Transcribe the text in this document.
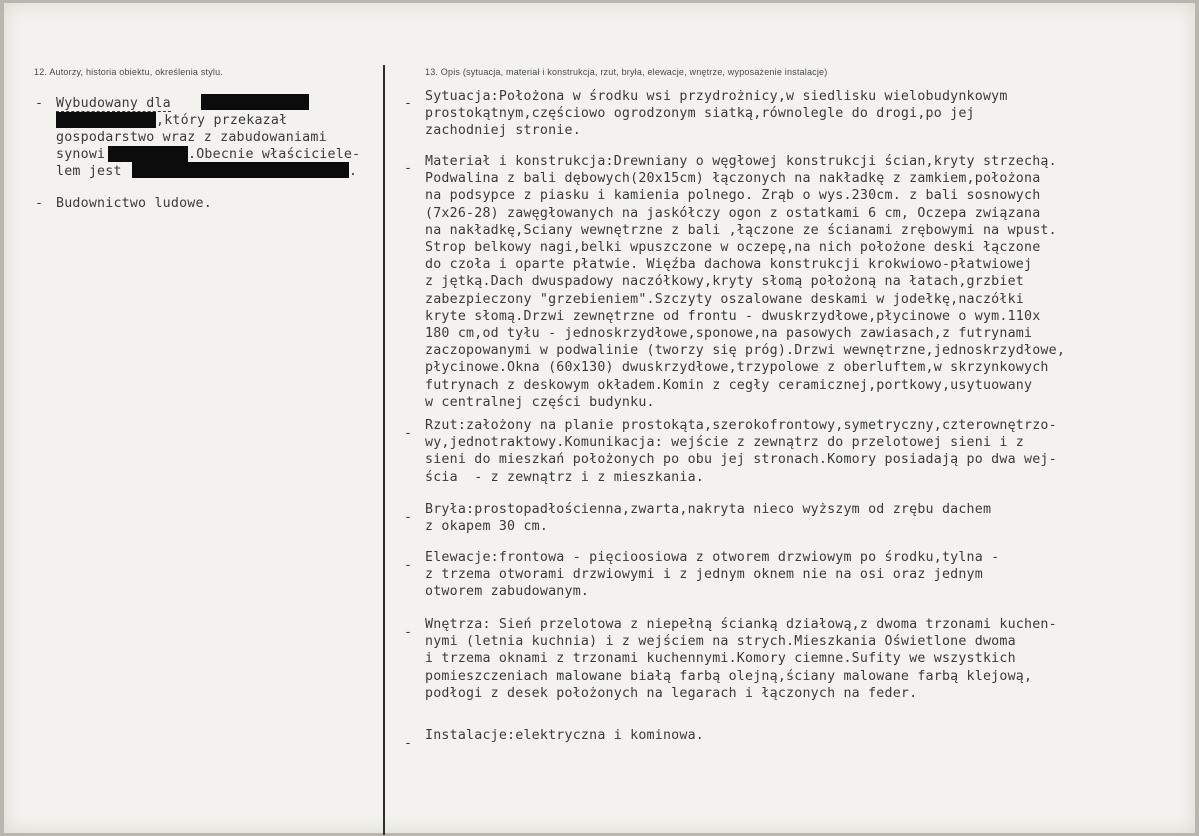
12. Autorzy, historia obiektu, określenia stylu.	13. Opis (sytuacja, materiał i konstrukcja, rzut, bryła, elewacje, wnętrze, wyposażenie instalacje)
- Wybudowany dla
,który przekazał
gospodarstwo wraz z zabudowaniami
synowi	.Obecnie właściciele-
lem jest	.
- Budownictwo ludowe.
- Sytuacja:Położona w środku wsi przydrożnicy,w siedlisku wielobudynkowym
prostokątnym,częściowo ogrodzonym siatką,równolegle do drogi,po jej
zachodniej stronie.
- Materiał i konstrukcja:Drewniany o węgłowej konstrukcji ścian,kryty strzechą.
Podwalina z bali dębowych(20x15cm) łączonych na nakładkę z zamkiem,położona
na podsypce z piasku i kamienia polnego. Zrąb o wys.230cm. z bali sosnowych
(7x26-28) zawęgłowanych na jaskółczy ogon z ostatkami 6 cm, Oczepa związana
na nakładkę,Sciany wewnętrzne z bali ,łączone ze ścianami zrębowymi na wpust.
Strop belkowy nagi,belki wpuszczone w oczepę,na nich położone deski łączone
do czoła i oparte płatwie. Więźba dachowa konstrukcji krokwiowo-płatwiowej
z jętką.Dach dwuspadowy naczółkowy,kryty słomą położoną na łatach,grzbiet
zabezpieczony "grzebieniem".Szczyty oszalowane deskami w jodełkę,naczółki
kryte słomą.Drzwi zewnętrzne od frontu - dwuskrzydłowe,płycinowe o wym.110x
180 cm,od tyłu - jednoskrzydłowe,sponowe,na pasowych zawiasach,z futrynami
zaczopowanymi w podwalinie (tworzy się próg).Drzwi wewnętrzne,jednoskrzydłowe,
płycinowe.Okna (60x130) dwuskrzydłowe,trzypolowe z oberluftem,w skrzynkowych
futrynach z deskowym okładem.Komin z cegły ceramicznej,portkowy,usytuowany
w centralnej części budynku.
-
Rzut:założony na planie prostokąta,szerokofrontowy,symetryczny,czterownętrzo-
wy,jednotraktowy.Komunikacja: wejście z zewnątrz do przelotowej sieni i z
sieni do mieszkań położonych po obu jej stronach.Komory posiadają po dwa wej-
ścia  - z zewnątrz i z mieszkania.
-
Bryła:prostopadłościenna,zwarta,nakryta nieco wyższym od zrębu dachem
z okapem 30 cm.
-
Elewacje:frontowa - pięcioosiowa z otworem drzwiowym po środku,tylna -
z trzema otworami drzwiowymi i z jednym oknem nie na osi oraz jednym
otworem zabudowanym.
-
Wnętrza: Sień przelotowa z niepełną ścianką działową,z dwoma trzonami kuchen-
nymi (letnia kuchnia) i z wejściem na strych.Mieszkania Oświetlone dwoma
i trzema oknami z trzonami kuchennymi.Komory ciemne.Sufity we wszystkich
pomieszczeniach malowane białą farbą olejną,ściany malowane farbą klejową,
podłogi z desek położonych na legarach i łączonych na feder.
-
Instalacje:elektryczna i kominowa.
